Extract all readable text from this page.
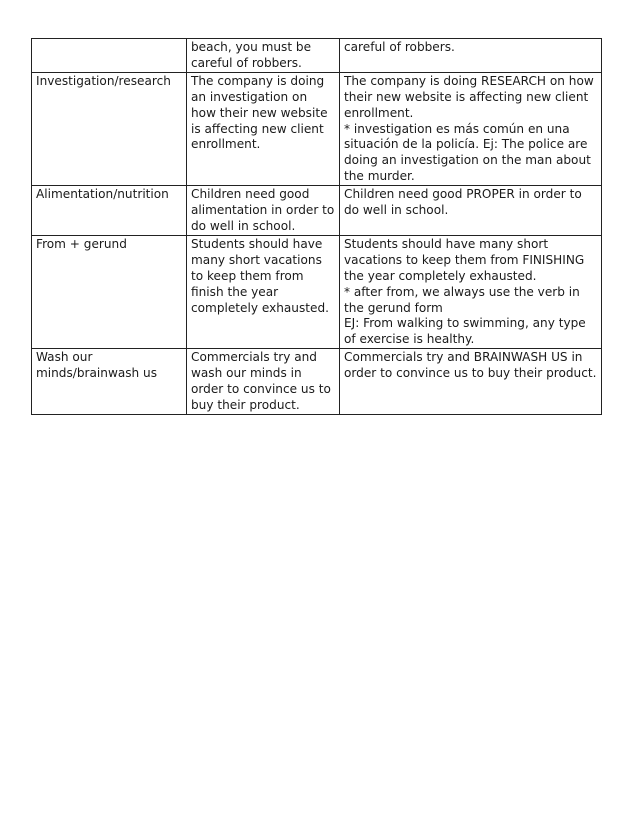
	beach, you must be careful of robbers.	careful of robbers.
Investigation/research	The company is doing an investigation on how their new website is affecting new client enrollment.	The company is doing RESEARCH on how their new website is affecting new client enrollment.
* investigation es más común en una situación de la policía. Ej: The police are doing an investigation on the man about the murder.
Alimentation/nutrition	Children need good alimentation in order to do well in school.	Children need good PROPER in order to do well in school.
From + gerund	Students should have many short vacations to keep them from finish the year completely exhausted.	Students should have many short vacations to keep them from FINISHING the year completely exhausted.
* after from, we always use the verb in the gerund form
EJ: From walking to swimming, any type of exercise is healthy.
Wash our minds/brainwash us	Commercials try and wash our minds in order to convince us to buy their product.	Commercials try and BRAINWASH US in order to convince us to buy their product.
